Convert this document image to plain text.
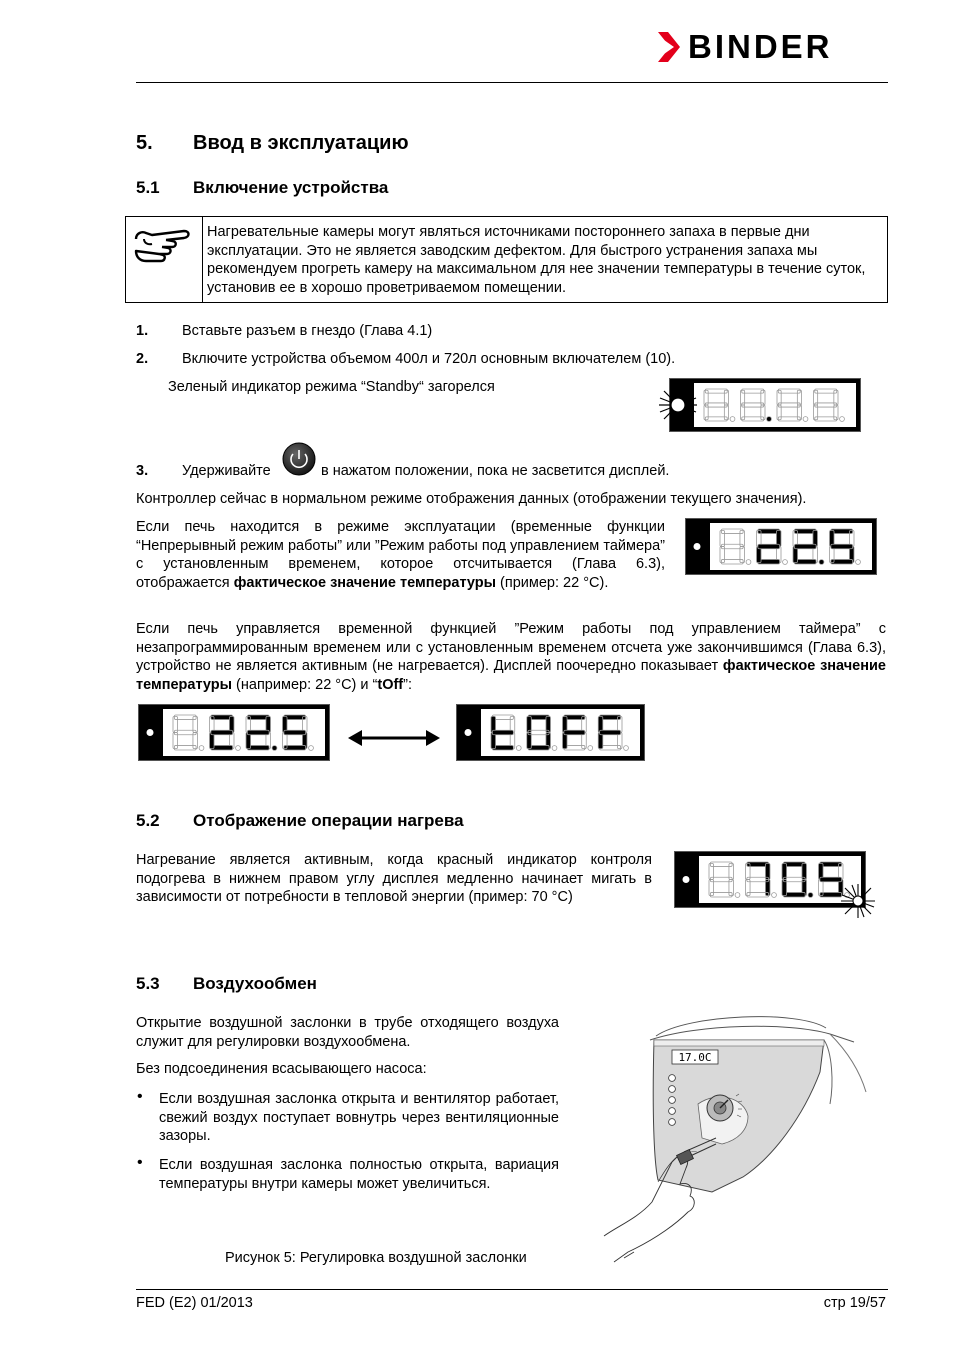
BINDER
5. Ввод в эксплуатацию
5.1 Включение устройства
Нагревательные камеры могут являться источниками постороннего запаха в первые дни эксплуатации. Это не является заводским дефектом. Для быстрого устранения запаха мы рекомендуем прогреть камеру на максимальном для нее значении температуры в течение суток, установив ее в хорошо проветриваемом помещении.
1. Вставьте разъем в гнездо (Глава 4.1)
2. Включите устройства объемом 400л и 720л основным включателем (10).
Зеленый индикатор режима “Standby“ загорелся
3. Удерживайте	в нажатом положении, пока не засветится дисплей.
Контроллер сейчас в нормальном режиме отображения данных (отображении текущего значения).
Если печь находится в режиме эксплуатации (временные функции “Непрерывный режим работы” или ”Режим работы под управлением таймера” с установленным временем, которое отсчитывается (Глава 6.3), отображается фактическое значение температуры (пример: 22 °C).
Если печь управляется временной функцией ”Режим работы под управлением таймера” с незапрограммированным временем или с установленным временем отсчета уже закончившимся (Глава 6.3), устройство не является активным (не нагревается). Дисплей поочередно показывает фактическое значение температуры (например: 22 °C) и “tOff”:
5.2 Отображение операции нагрева
Нагревание является активным, когда красный индикатор контроля подогрева в нижнем правом углу дисплея медленно начинает мигать в зависимости от потребности в тепловой энергии (пример: 70 °C)
5.3 Воздухообмен
Открытие воздушной заслонки в трубе отходящего воздуха служит для регулировки воздухообмена.
Без подсоединения всасывающего насоса:
• Если воздушная заслонка открыта и вентилятор работает, свежий воздух поступает вовнутрь через вентиляционные зазоры.
• Если воздушная заслонка полностью открыта, вариация температуры внутри камеры может увеличиться.
Рисунок 5: Регулировка воздушной заслонки
17.0C
—
FED (E2) 01/2013	стр 19/57
